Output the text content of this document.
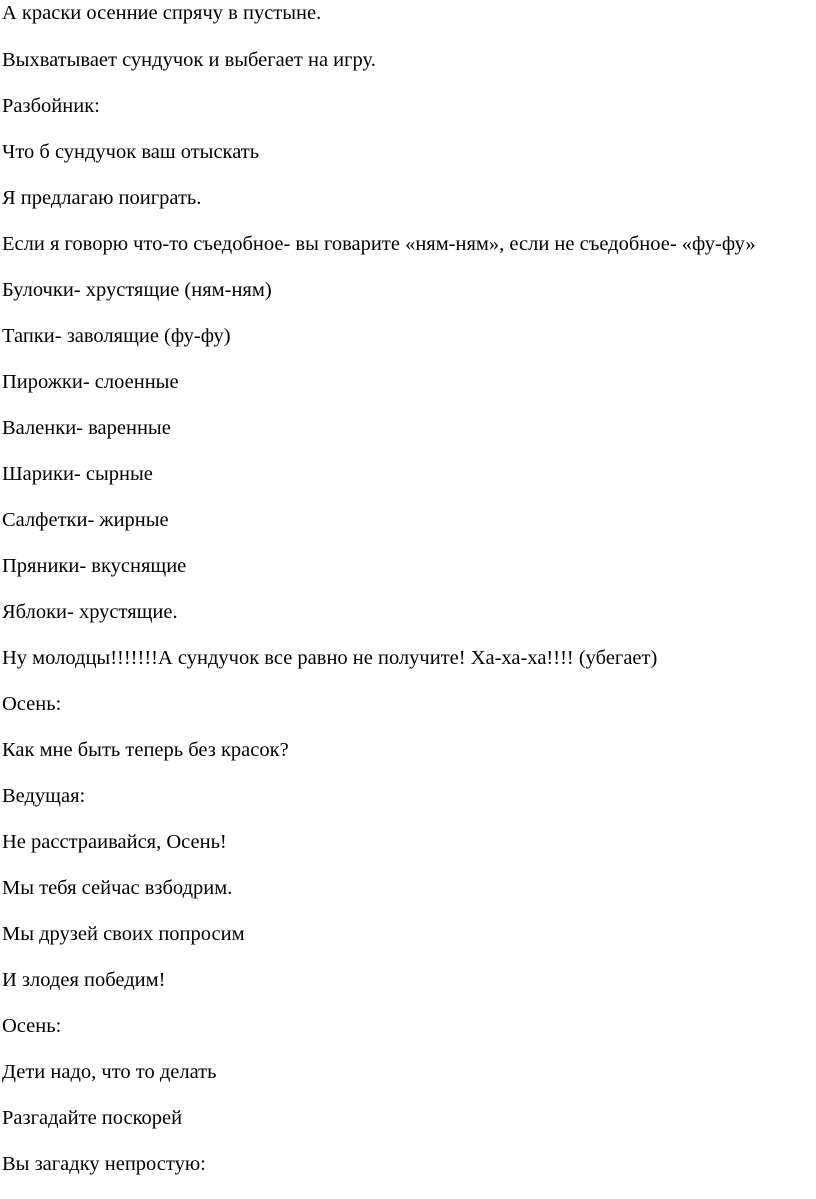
А краски осенние спрячу в пустыне.
Выхватывает сундучок и выбегает на игру.
Разбойник:
Что б сундучок ваш отыскать
Я предлагаю поиграть.
Если я говорю что-то съедобное- вы говарите «ням-ням», если не съедобное- «фу-фу»
Булочки- хрустящие (ням-ням)
Тапки- заволящие (фу-фу)
Пирожки- слоенные
Валенки- варенные
Шарики- сырные
Салфетки- жирные
Пряники- вкуснящие
Яблоки- хрустящие.
Ну молодцы!!!!!!!А сундучок все равно не получите! Ха-ха-ха!!!! (убегает)
Осень:
Как мне быть теперь без красок?
Ведущая:
Не расстраивайся, Осень!
Мы тебя сейчас взбодрим.
Мы друзей своих попросим
И злодея победим!
Осень:
Дети надо, что то делать
Разгадайте поскорей
Вы загадку непростую:
